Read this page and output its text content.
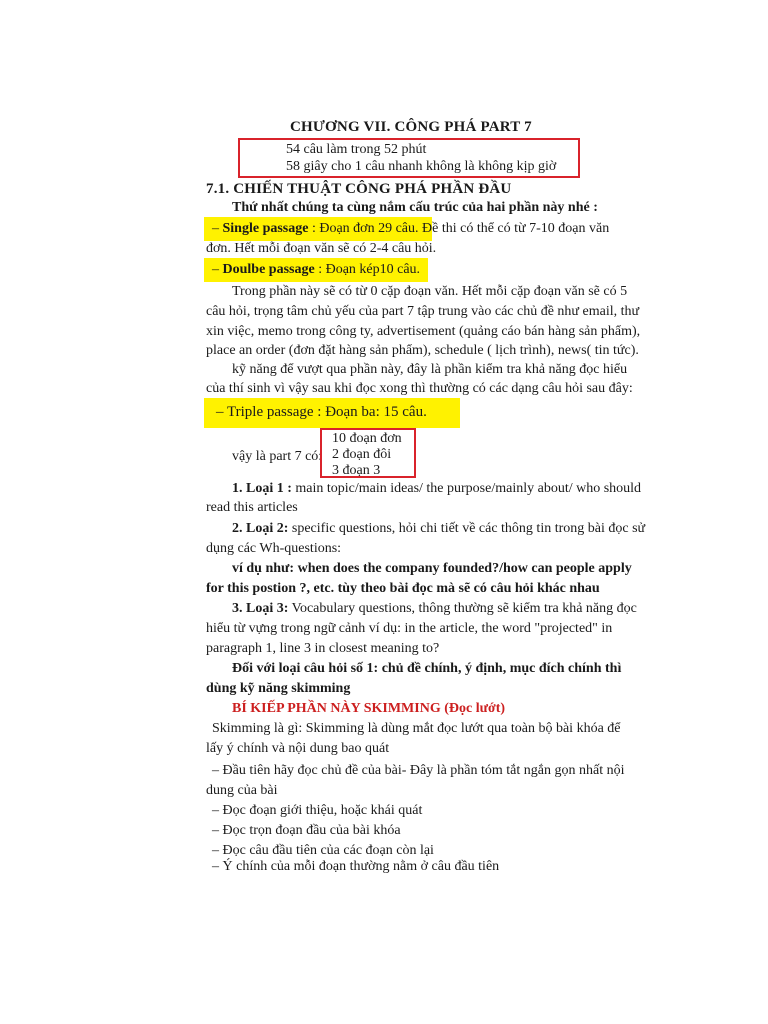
CHƯƠNG VII. CÔNG PHÁ PART 7
54 câu làm trong 52 phút
58 giây cho 1 câu nhanh không là không kịp giờ
7.1. CHIẾN THUẬT CÔNG PHÁ PHẦN ĐẦU
Thứ nhất chúng ta cùng nắm cấu trúc của hai phần này nhé :
– Single passage : Đoạn đơn 29 câu. Đề thi có thể có từ 7-10 đoạn văn
đơn. Hết mỗi đoạn văn sẽ có 2-4 câu hỏi.
– Doulbe passage : Đoạn kép10 câu.
Trong phần này sẽ có từ 0 cặp đoạn văn. Hết mỗi cặp đoạn văn sẽ có 5
câu hỏi, trọng tâm chủ yếu của part 7 tập trung vào các chủ đề như email, thư
xin việc, memo trong công ty, advertisement (quảng cáo bán hàng sản phẩm),
place an order (đơn đặt hàng sản phẩm), schedule ( lịch trình), news( tin tức).
kỹ năng để vượt qua phần này, đây là phần kiểm tra khả năng đọc hiểu
của thí sinh vì vậy sau khi đọc xong thì thường có các dạng câu hỏi sau đây:
– Triple passage : Đoạn ba: 15 câu.
vậy là part 7 có:
10 đoạn đơn
2 đoạn đôi
3 đoạn 3
1. Loại 1 : main topic/main ideas/ the purpose/mainly about/ who should
read this articles
2. Loại 2: specific questions, hỏi chi tiết về các thông tin trong bài đọc sử
dụng các Wh-questions:
ví dụ như: when does the company founded?/how can people apply
for this postion ?, etc. tùy theo bài đọc mà sẽ có câu hỏi khác nhau
3. Loại 3: Vocabulary questions, thông thường sẽ kiểm tra khả năng đọc
hiểu từ vựng trong ngữ cảnh ví dụ: in the article, the word "projected" in
paragraph 1, line 3 in closest meaning to?
Đối với loại câu hỏi số 1: chủ đề chính, ý định, mục đích chính thì
dùng kỹ năng skimming
BÍ KIẾP PHẦN NÀY SKIMMING (Đọc lướt)
Skimming là gì: Skimming là dùng mắt đọc lướt qua toàn bộ bài khóa để
lấy ý chính và nội dung bao quát
– Đầu tiên hãy đọc chủ đề của bài- Đây là phần tóm tắt ngắn gọn nhất nội
dung của bài
– Đọc đoạn giới thiệu, hoặc khái quát
– Đọc trọn đoạn đầu của bài khóa
– Đọc câu đầu tiên của các đoạn còn lại
– Ý chính của mỗi đoạn thường nằm ở câu đầu tiên
